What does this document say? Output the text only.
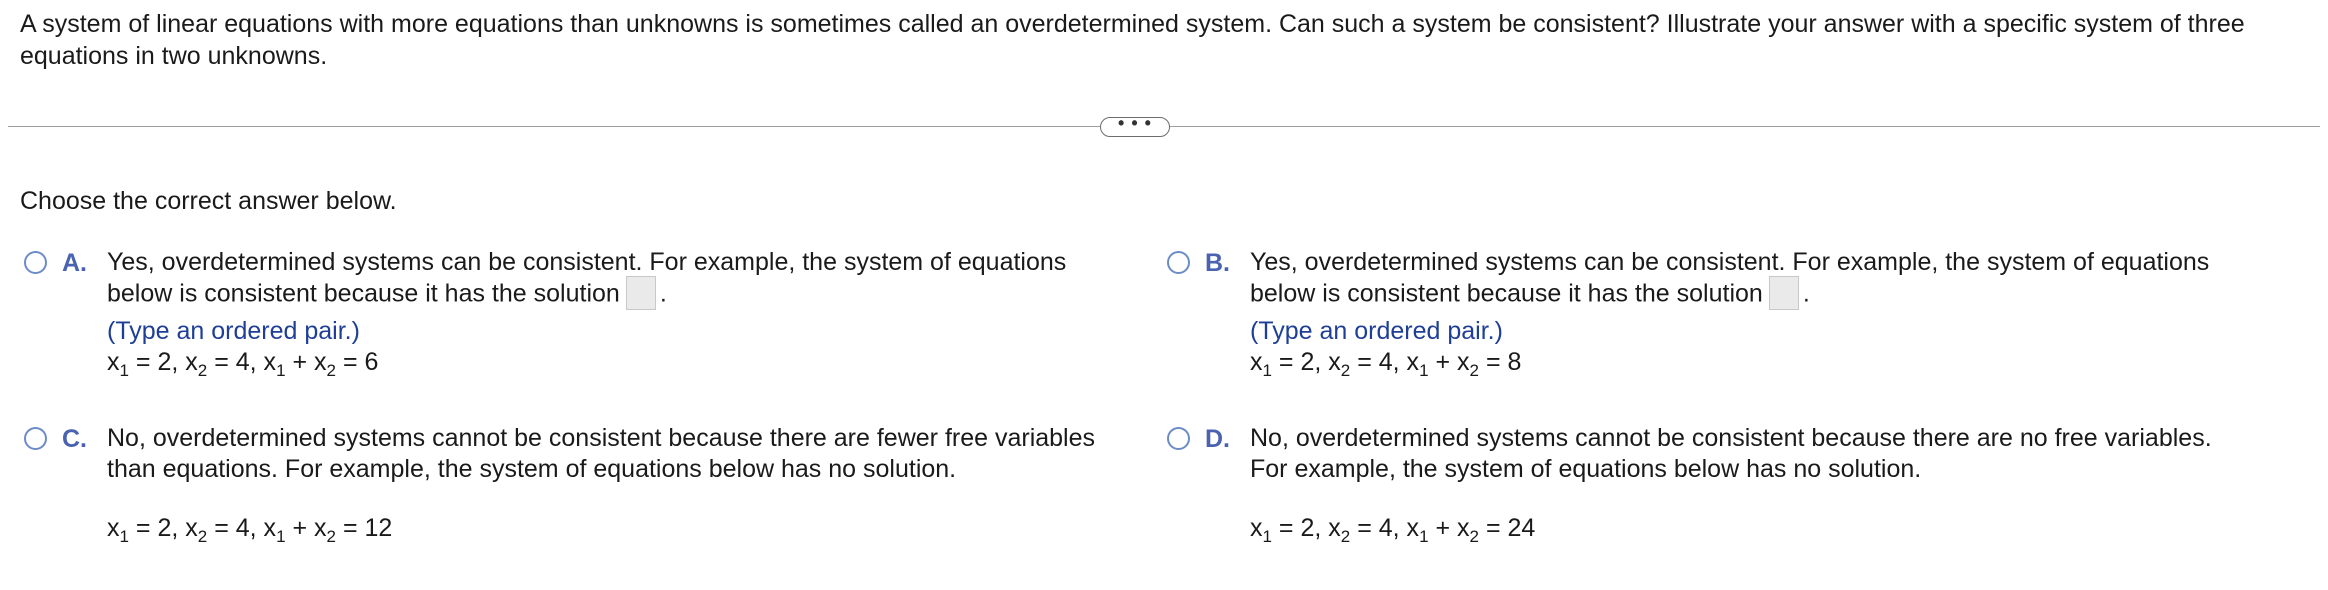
A system of linear equations with more equations than unknowns is sometimes called an overdetermined system. Can such a system be consistent? Illustrate your answer with a specific system of three equations in two unknowns.
• • •
Choose the correct answer below.
A. Yes, overdetermined systems can be consistent. For example, the system of equations
below is consistent because it has the solution .
(Type an ordered pair.)
$x_1 = 2$, $x_2 = 4$, $x_1 + x_2 = 6$
B. Yes, overdetermined systems can be consistent. For example, the system of equations
below is consistent because it has the solution .
(Type an ordered pair.)
$x_1 = 2$, $x_2 = 4$, $x_1 + x_2 = 8$
C. No, overdetermined systems cannot be consistent because there are fewer free variables
than equations. For example, the system of equations below has no solution.
$x_1 = 2$, $x_2 = 4$, $x_1 + x_2 = 12$
D. No, overdetermined systems cannot be consistent because there are no free variables.
For example, the system of equations below has no solution.
$x_1 = 2$, $x_2 = 4$, $x_1 + x_2 = 24$
